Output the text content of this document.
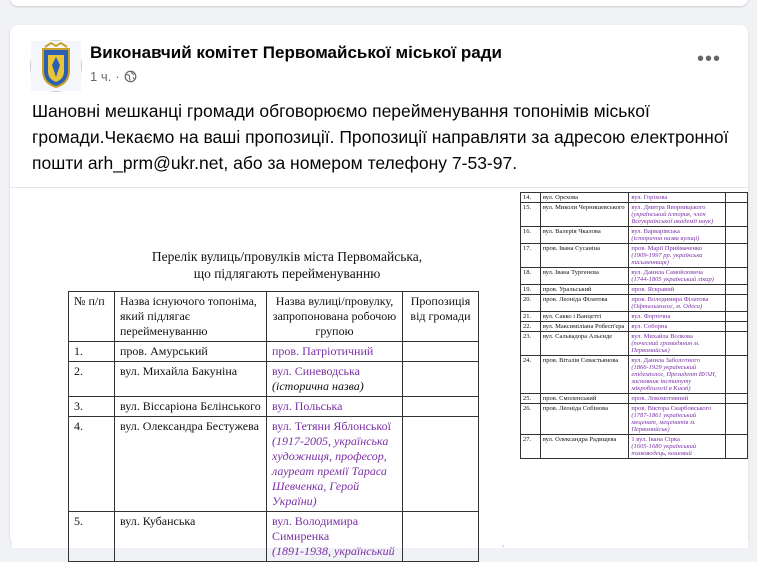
Виконавчий комітет Первомайської міської ради
1 ч. ·
•••
Шановні мешканці громади обговорюємо перейменування топонімів міської громади.Чекаємо на ваші пропозиції. Пропозиції направляти за адресою електронної пошти arh_prm@ukr.net, або за номером телефону 7-53-97.
Перелік вулиць/провулків міста Первомайська,
що підлягають перейменуванню
№ п/п	Назва існуючого топоніма, який підлягає перейменуванню	Назва вулиці/провулку, запропонована робочою групою	Пропозиція від громади
1.	пров. Амурський	пров. Патріотичний

2.	вул. Михайла Бакуніна	вул. Синеводська
(історична назва)	

3.	вул. Віссаріона Бєлінського	вул. Польська

4.	вул. Олександра Бестужева	вул. Тетяни Яблонської
(1917-2005, українська художниця, професор, лауреат премії Тараса Шевченка, Герой України)	

5.	вул. Кубанська	вул. Володимира Симиренка
(1891-1938, український	

14.	вул. Орєхова	вул. Горіхова

15.	вул. Миколи Чернишевського	вул. Дмитра Яворницького
(український історик, член Всеукраїнської академії наук)	

16.	вул. Валерія Чкалова	вул. Варварівська
(історична назва вулиці)	

17.	пров. Івана Сусаніна	пров. Марії Приймаченко
(1909-1997 рр. українська письменниця)	

18.	вул. Івана Тургенєва	вул. Данила Самойловича
(1744-1805 український лікар)	

19.	пров. Уральський	пров. Яскравий

20.	пров. Леоніда Філатова	пров. Володимира Філатова
(Офтальмолог, м. Одеса)	

21.	вул. Сакко і Ванцетті	вул. Фортечна

22.	вул. Максиміліана Робесп'єра	вул. Соборна

23.	вул. Сальвадора Альєнде	вул. Михайла Волкова
(почесний громадянин м. Первомайськ)	

24.	пров. Віталія Севастьянова	вул. Данила Заболотного
(1866-1929 український епідеміолог, Президент ВУАН, засновник інституту мікробіології в Києві)	

25.	пров. Смоленський	пров. Локомотивний

26.	пров. Леоніда Собінова	пров. Віктора Скарбовського
(1787-1861 український меценат, меценатів м. Первомайськ)	

27.	вул. Олександра Радищева	1 вул. Івана Сірка
(1605-1680 український полководець, кошовий	
